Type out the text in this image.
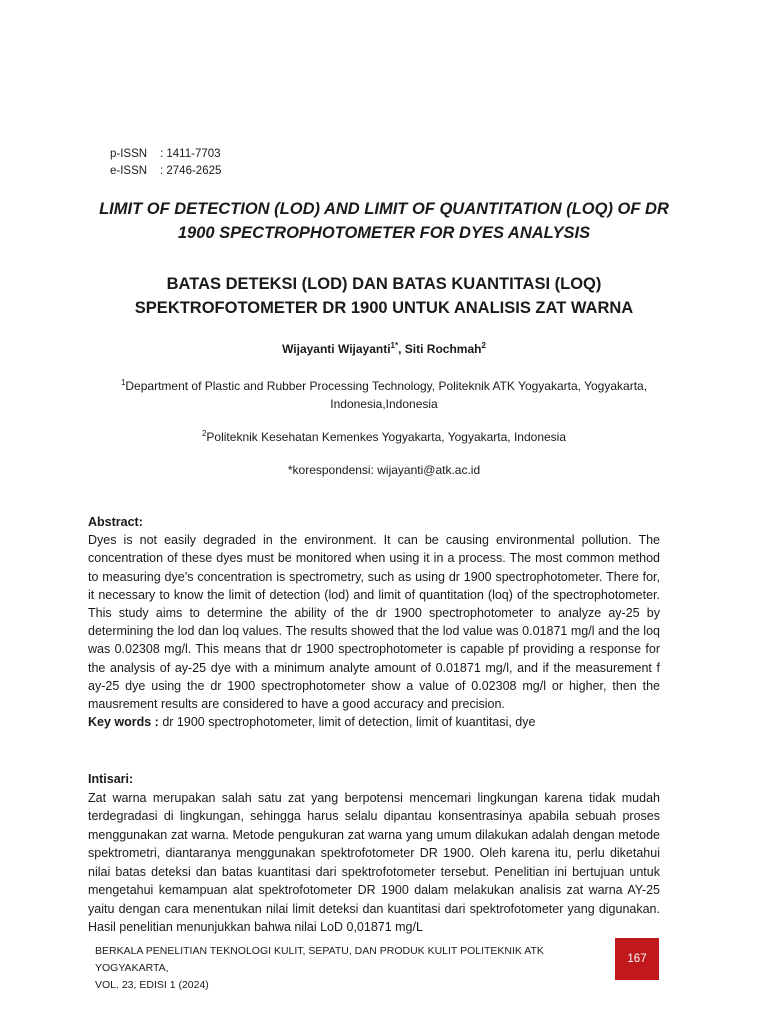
p-ISSN	: 1411-7703
e-ISSN	: 2746-2625
LIMIT OF DETECTION (LOD) AND LIMIT OF QUANTITATION (LOQ) OF DR 1900 SPECTROPHOTOMETER FOR DYES ANALYSIS
BATAS DETEKSI (LOD) DAN BATAS KUANTITASI (LOQ) SPEKTROFOTOMETER DR 1900 UNTUK ANALISIS ZAT WARNA
Wijayanti Wijayanti$^{1*}$, Siti Rochmah$^2$
$^1$Department of Plastic and Rubber Processing Technology, Politeknik ATK Yogyakarta, Yogyakarta, Indonesia,Indonesia
$^2$Politeknik Kesehatan Kemenkes Yogyakarta, Yogyakarta, Indonesia
*korespondensi: wijayanti@atk.ac.id
Abstract:

Dyes is not easily degraded in the environment. It can be causing environmental pollution. The concentration of these dyes must be monitored when using it in a process. The most common method to measuring dye’s concentration is spectrometry, such as using dr 1900 spectrophotometer. There for, it necessary to know the limit of detection (lod) and limit of quantitation (loq) of the spectrophotometer. This study aims to determine the ability of the dr 1900 spectrophotometer to analyze ay-25 by determining the lod dan loq values. The results showed that the lod value was 0.01871 mg/l and the loq was 0.02308 mg/l. This means that dr 1900 spectrophotometer is capable pf providing a response for the analysis of ay-25 dye with a minimum analyte amount of 0.01871 mg/l, and if the measurement f ay-25 dye using the dr 1900 spectrophotometer show a value of 0.02308 mg/l or higher, then the mausrement results are considered to have a good accuracy and precision.

Key words : dr 1900 spectrophotometer, limit of detection, limit of kuantitasi, dye
Intisari:

Zat warna merupakan salah satu zat yang berpotensi mencemari lingkungan karena tidak mudah terdegradasi di lingkungan, sehingga harus selalu dipantau konsentrasinya apabila sebuah proses menggunakan zat warna. Metode pengukuran zat warna yang umum dilakukan adalah dengan metode spektrometri, diantaranya menggunakan spektrofotometer DR 1900. Oleh karena itu, perlu diketahui nilai batas deteksi dan batas kuantitasi dari spektrofotometer tersebut. Penelitian ini bertujuan untuk mengetahui kemampuan alat spektrofotometer DR 1900 dalam melakukan analisis zat warna AY-25 yaitu dengan cara menentukan nilai limit deteksi dan kuantitasi dari spektrofotometer yang digunakan. Hasil penelitian menunjukkan bahwa nilai LoD 0,01871 mg/L

BERKALA PENELITIAN TEKNOLOGI KULIT, SEPATU, DAN PRODUK KULIT POLITEKNIK ATK YOGYAKARTA,
VOL. 23, EDISI 1 (2024)
167
